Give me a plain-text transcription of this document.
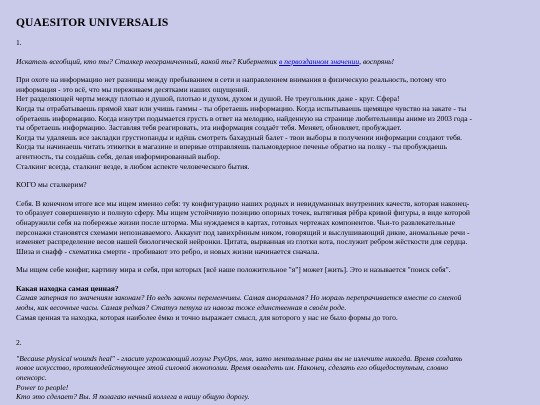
QUAESITOR UNIVERSALIS
1.
Искатель всеобщий, кто ты? Сталкер неограниченный, какой ты? Кибернетик в первозданном значении, воспрянь!
При охоте на информацию нет разницы между пребыванием в сети и направлением внимания в физическую реальность, потому что
информация - это всё, что мы переживаем десятками наших ощущений.
Нет разделяющей черты между плотью и душой, плотью и духом, духом и душой. Не треугольник даже - круг. Сфера!
Когда ты отрабатываешь прямой хват или учишь гаммы - ты обретаешь информацию. Когда испытываешь щемящее чувство на закате - ты
обретаешь информацию. Когда изнутри подымается грусть в ответ на мелодию, найденную на странице любительницы аниме из 2003 года -
ты обретаешь информацию. Заставляя тебя реагировать, эта информация создаёт тебя. Меняет, обновляет, пробуждает.
Когда ты удаляешь все закладки грустнопанды и идёшь смотреть бахаудный балет - твои выборы в получении информации создают тебя.
Когда ты начинаешь читать этикетки в магазине и впервые отправляешь пальмовдерное печенье обратно на полку - ты пробуждаешь
агентность, ты создаёшь себя, делая информированный выбор.
Сталкинг всегда, сталкинг везде, в любом аспекте человеческого бытия.
КОГО мы сталкерим?
Себя. В конечном итоге все мы ищем именно себя: ту конфигурацию наших родных и невидуманных внутренних качеств, которая наконец-
то образует совершенную и полную сферу. Мы ищем устойчивую позицию опорных точек, вытягивая рёбра кривой фигуры, в виде которой
обнаружили себя на побережье жизни после шторма. Мы нуждаемся в картах, готовых чертежах компонентов. Чьи-то развлекательные
персонажи становятся схемами непознаваемого. Аккаунт под завихрённым ником, говорящий и выслушивающий дикие, аномальные речи -
изменяет распределение весов нашей биологической нейронки. Цитата, вырванная из глотки кота, послужит ребром жёсткости для сердца.
Шиза и снафф - схематика смерти - пробивают это ребро, и новых жизни начинается сначала.
Мы ищем себе конфиг, картину мира и себя, при которых [всё наше положительное "я"] может [жить]. Это и называется "поиск себя".
Какая находка самая ценная?
Самая заперная по значениям законам? Но ведь законы переменчивы. Самая аморальная? Но мораль перепрачивается вместе со сменой
моды, как весочные часы. Самая редкая? Статуэ петуха из навоза тоже единственная в своём роде.
Самая ценная та находка, которая наиболее ёмко и точно выражает смысл, для которого у нас не было формы до того.
2.
"Because physical wounds heal" - гласит угрожающий лозунг PsyOps, мол, зато ментальные раны вы не излечите никогда. Время создать
новое искусство, противодействующее этой силовой монополии. Время овладеть им. Наконец, сделать его общедоступным, словно
опенсорс.
Power to people!
Кто это сделает? Вы. Я полагаю нечный коллега в нашу общую дорогу.
